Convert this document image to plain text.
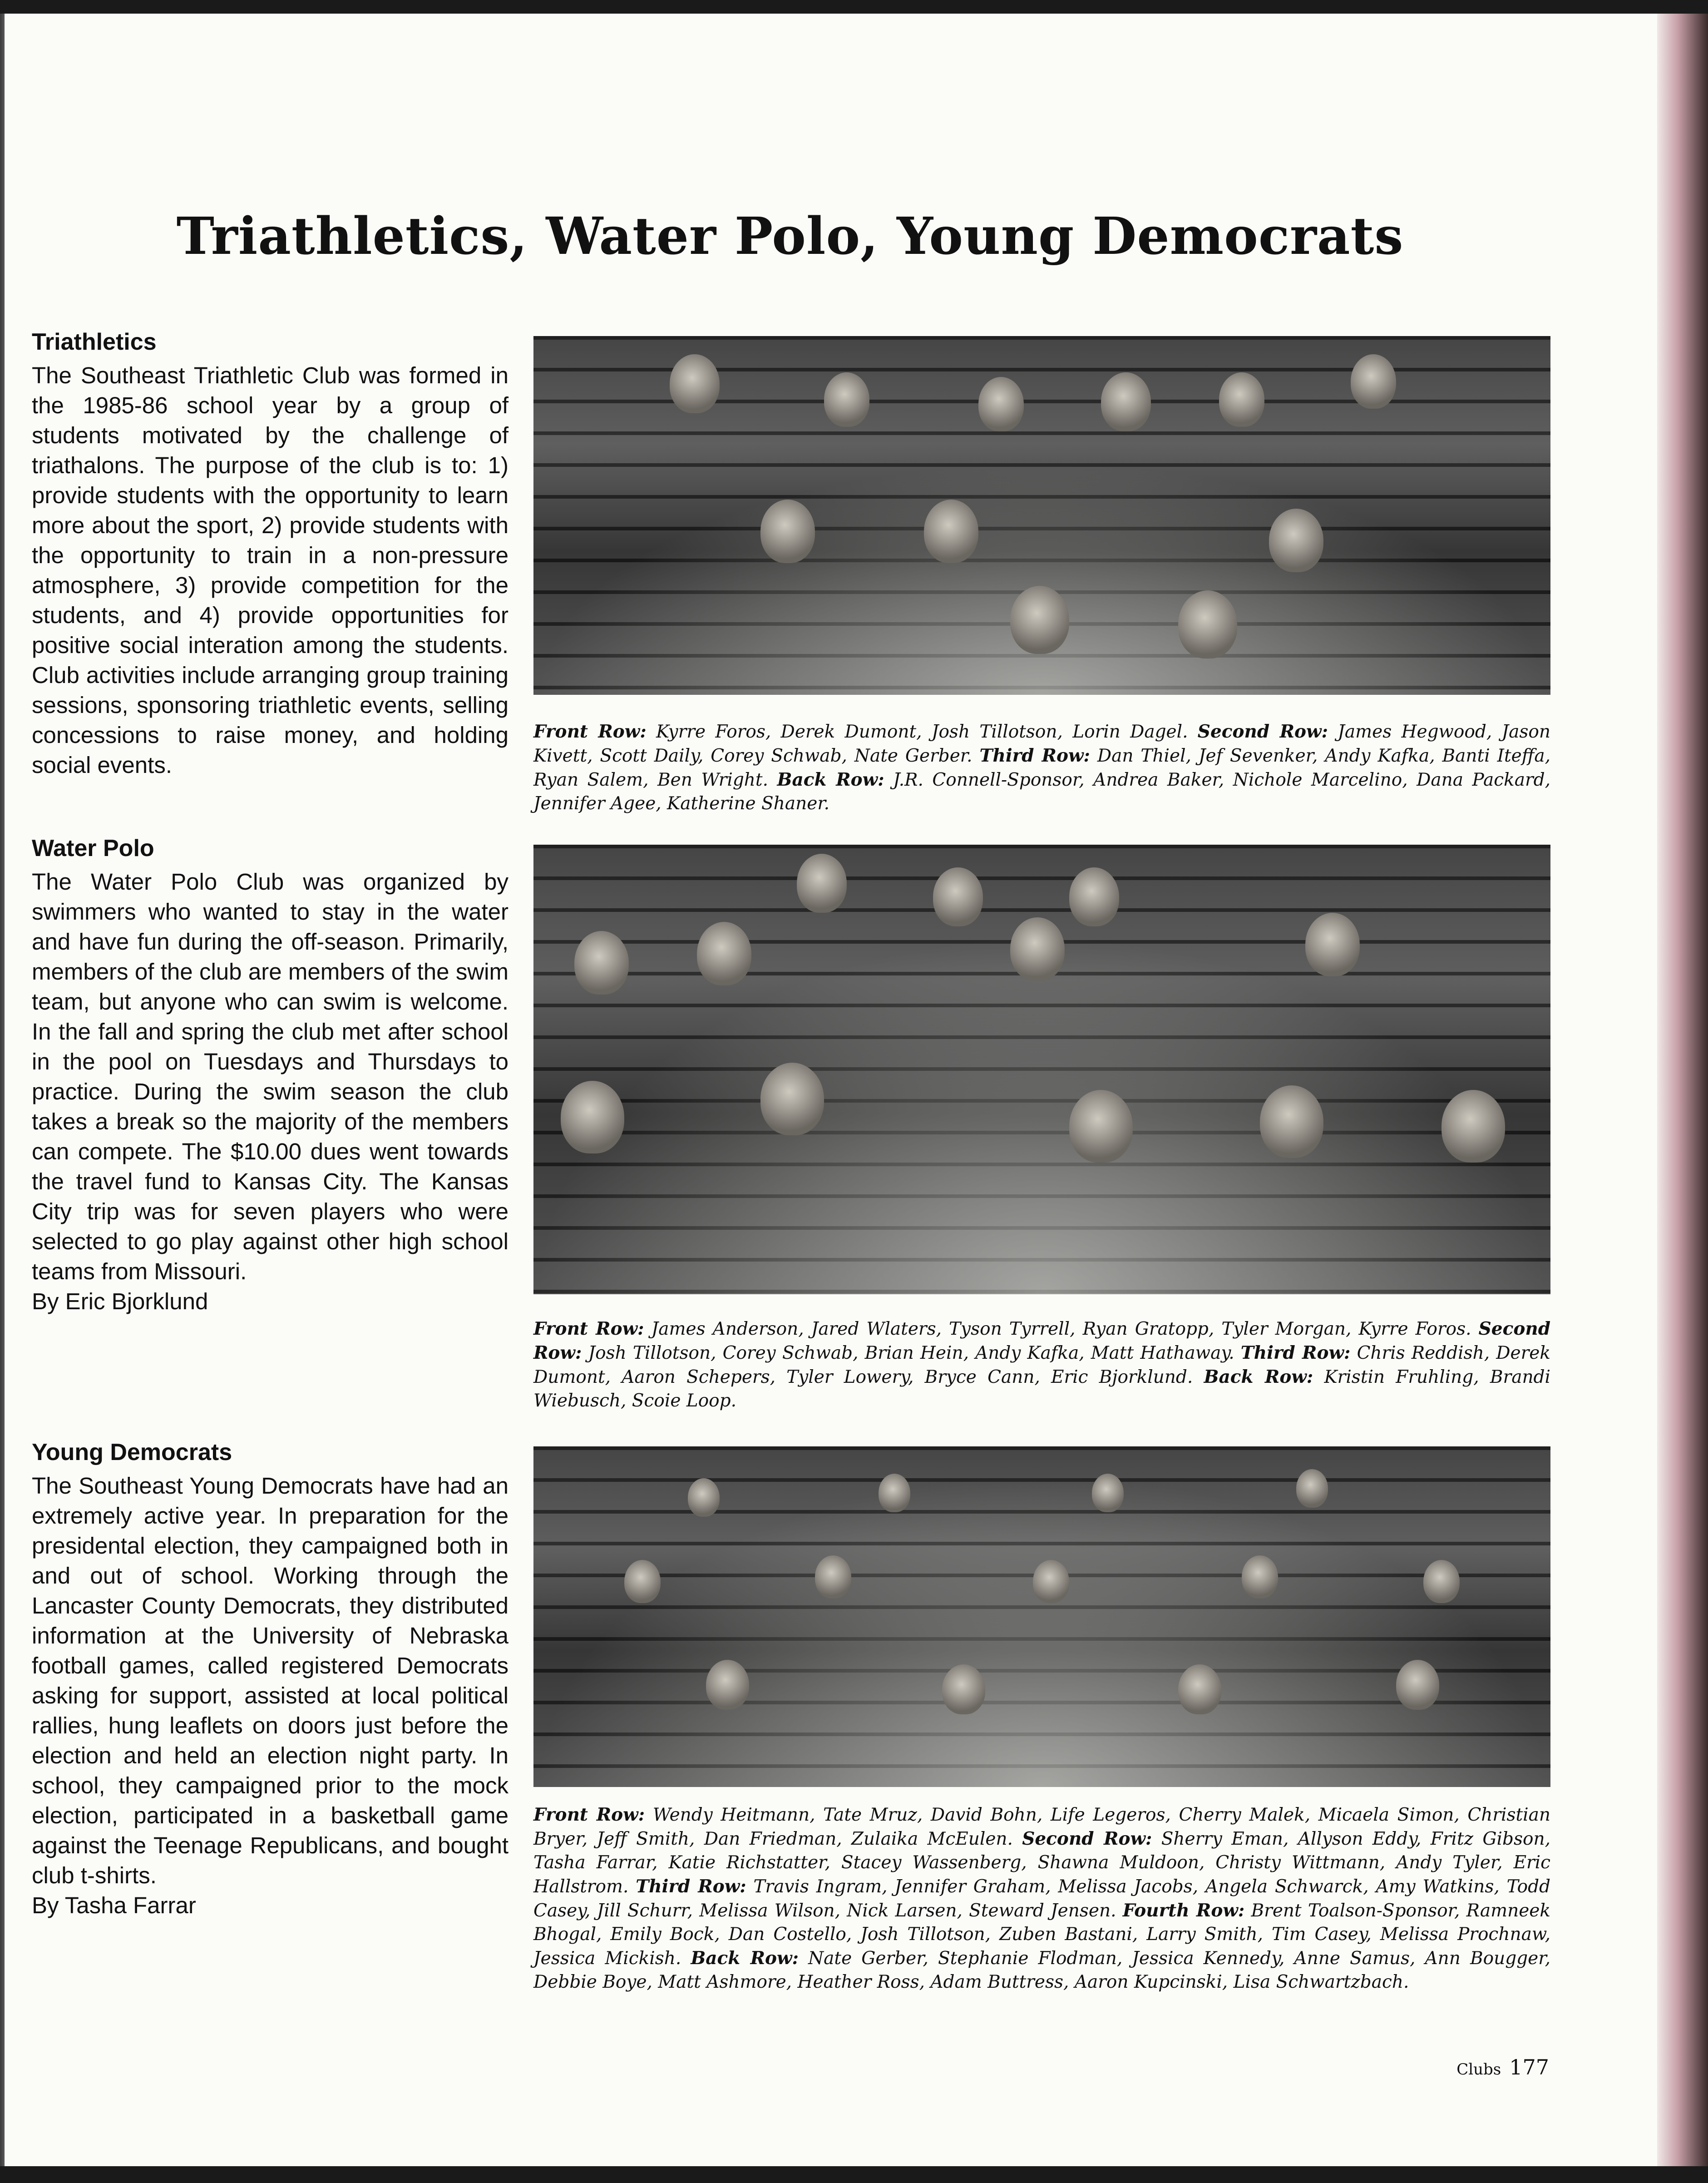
Triathletics, Water Polo, Young Democrats
Triathletics

The Southeast Triathletic Club was formed in the 1985-86 school year by a group of students motivated by the challenge of triathalons. The purpose of the club is to: 1) provide students with the opportunity to learn more about the sport, 2) provide students with the opportunity to train in a non-pressure atmosphere, 3) provide competition for the students, and 4) provide opportunities for positive social interation among the students. Club activities include arranging group training sessions, sponsoring triathletic events, selling concessions to raise money, and holding social events.

Front Row: Kyrre Foros, Derek Dumont, Josh Tillotson, Lorin Dagel. Second Row: James Hegwood, Jason Kivett, Scott Daily, Corey Schwab, Nate Gerber. Third Row: Dan Thiel, Jef Sevenker, Andy Kafka, Banti Iteffa, Ryan Salem, Ben Wright. Back Row: J.R. Connell-Sponsor, Andrea Baker, Nichole Marcelino, Dana Packard, Jennifer Agee, Katherine Shaner.
Water Polo

The Water Polo Club was organized by swimmers who wanted to stay in the water and have fun during the off-season. Primarily, members of the club are members of the swim team, but anyone who can swim is welcome. In the fall and spring the club met after school in the pool on Tuesdays and Thursdays to practice. During the swim season the club takes a break so the majority of the members can compete. The $10.00 dues went towards the travel fund to Kansas City. The Kansas City trip was for seven players who were selected to go play against other high school teams from Missouri.

By Eric Bjorklund
Front Row: James Anderson, Jared Wlaters, Tyson Tyrrell, Ryan Gratopp, Tyler Morgan, Kyrre Foros. Second Row: Josh Tillotson, Corey Schwab, Brian Hein, Andy Kafka, Matt Hathaway. Third Row: Chris Reddish, Derek Dumont, Aaron Schepers, Tyler Lowery, Bryce Cann, Eric Bjorklund. Back Row: Kristin Fruhling, Brandi Wiebusch, Scoie Loop.
Young Democrats

The Southeast Young Democrats have had an extremely active year. In preparation for the presidental election, they campaigned both in and out of school. Working through the Lancaster County Democrats, they distributed information at the University of Nebraska football games, called registered Democrats asking for support, assisted at local political rallies, hung leaflets on doors just before the election and held an election night party. In school, they campaigned prior to the mock election, participated in a basketball game against the Teenage Republicans, and bought club t-shirts.

By Tasha Farrar
Front Row: Wendy Heitmann, Tate Mruz, David Bohn, Life Legeros, Cherry Malek, Micaela Simon, Christian Bryer, Jeff Smith, Dan Friedman, Zulaika McEulen. Second Row: Sherry Eman, Allyson Eddy, Fritz Gibson, Tasha Farrar, Katie Richstatter, Stacey Wassenberg, Shawna Muldoon, Christy Wittmann, Andy Tyler, Eric Hallstrom. Third Row: Travis Ingram, Jennifer Graham, Melissa Jacobs, Angela Schwarck, Amy Watkins, Todd Casey, Jill Schurr, Melissa Wilson, Nick Larsen, Steward Jensen. Fourth Row: Brent Toalson-Sponsor, Ramneek Bhogal, Emily Bock, Dan Costello, Josh Tillotson, Zuben Bastani, Larry Smith, Tim Casey, Melissa Prochnaw, Jessica Mickish. Back Row: Nate Gerber, Stephanie Flodman, Jessica Kennedy, Anne Samus, Ann Bougger, Debbie Boye, Matt Ashmore, Heather Ross, Adam Buttress, Aaron Kupcinski, Lisa Schwartzbach.
Clubs 177
